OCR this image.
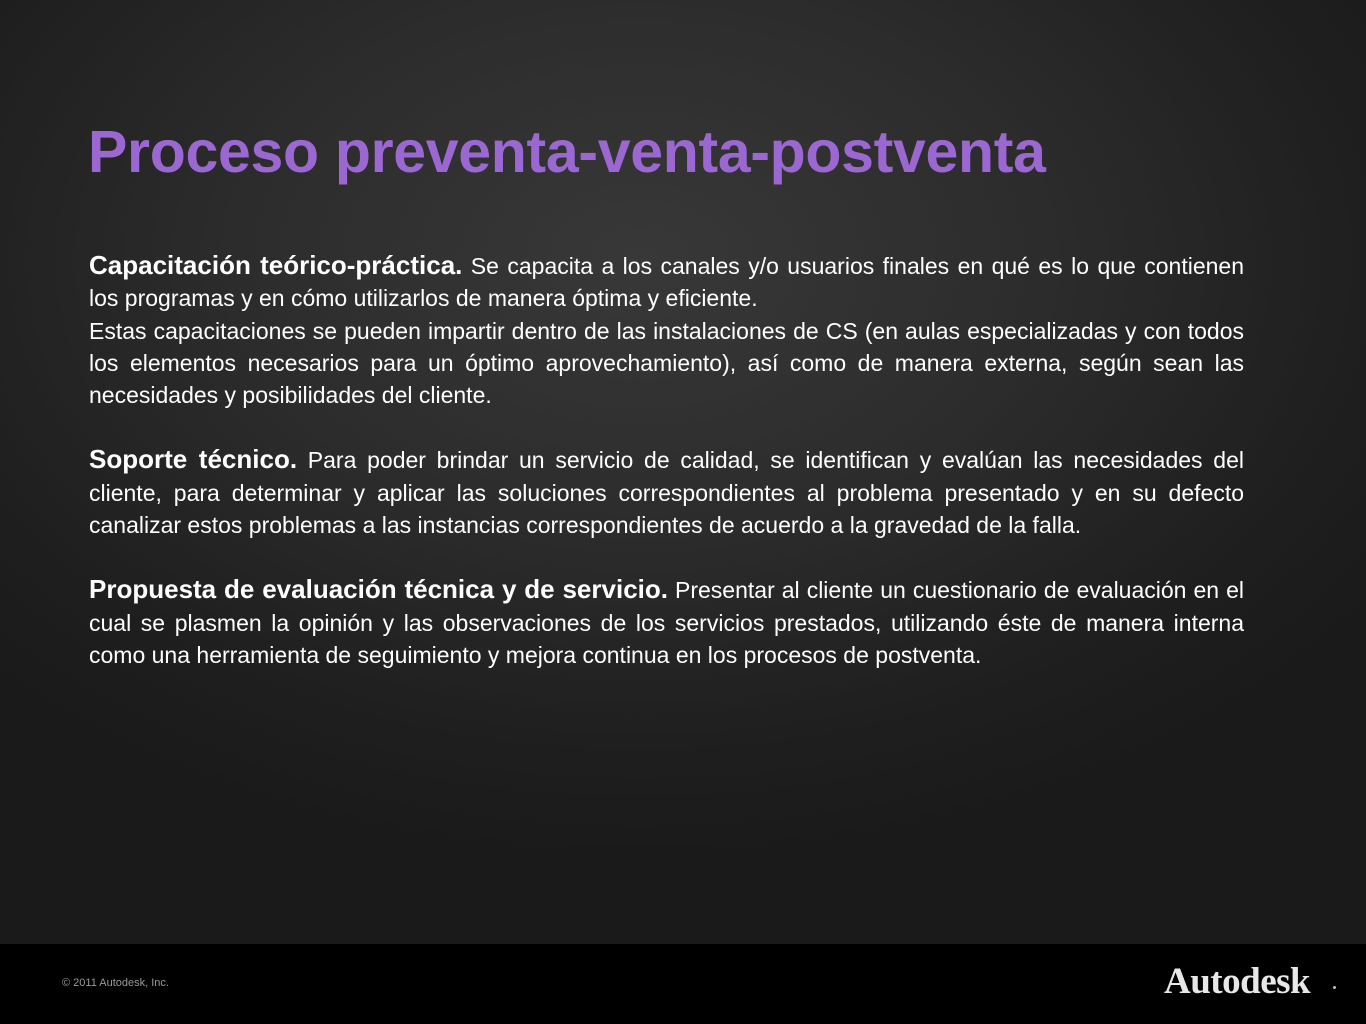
Proceso preventa-venta-postventa

Capacitación teórico-práctica. Se capacita a los canales y/o usuarios finales en qué es lo que contienen los programas y en cómo utilizarlos de manera óptima y eficiente.

Estas capacitaciones se pueden impartir dentro de las instalaciones de CS (en aulas especializadas y con todos los elementos necesarios para un óptimo aprovechamiento), así como de manera externa, según sean las necesidades y posibilidades del cliente.

Soporte técnico. Para poder brindar un servicio de calidad, se identifican y evalúan las necesidades del cliente, para determinar y aplicar las soluciones correspondientes al problema presentado y en su defecto canalizar estos problemas a las instancias correspondientes de acuerdo a la gravedad de la falla.

Propuesta de evaluación técnica y de servicio. Presentar al cliente un cuestionario de evaluación en el cual se plasmen la opinión y las observaciones de los servicios prestados, utilizando éste de manera interna como una herramienta de seguimiento y mejora continua en los procesos de postventa.

© 2011 Autodesk, Inc.	Autodesk
